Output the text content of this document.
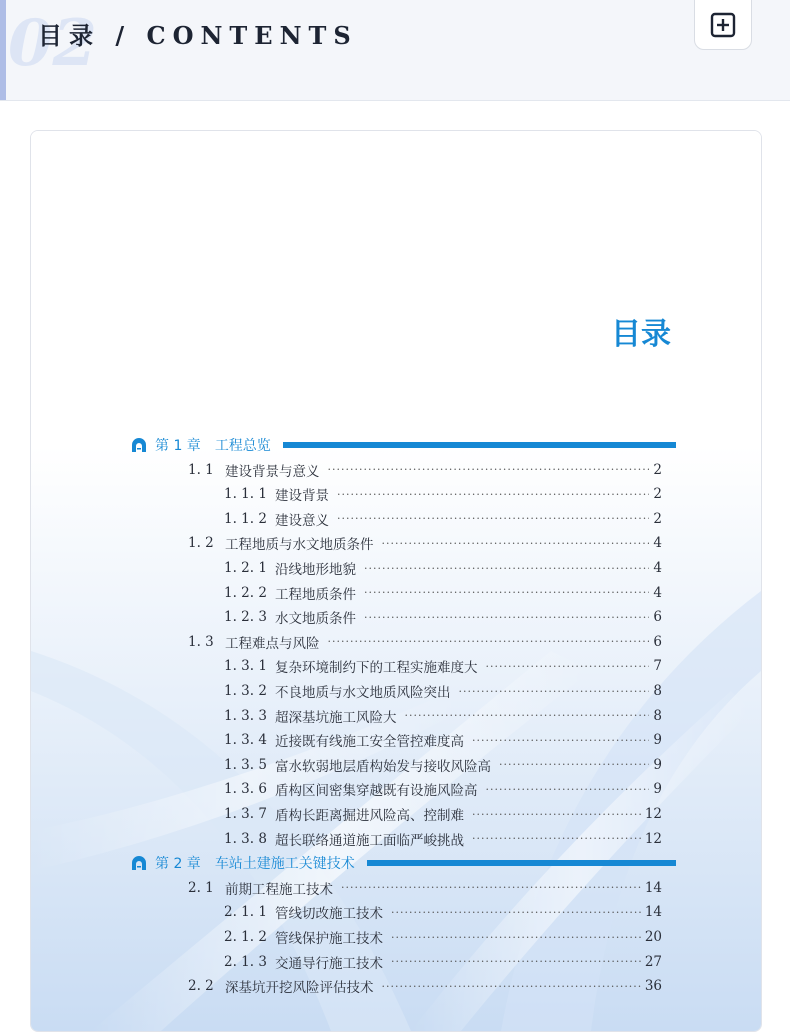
02
目录 / CONTENTS
目录
第 1 章 工程总览
1. 1 建设背景与意义 ·····	2
1. 1. 1 建设背景 ·····	2
1. 1. 2 建设意义 ·····	2
1. 2 工程地质与水文地质条件 ·····	4
1. 2. 1 沿线地形地貌 ·····	4
1. 2. 2 工程地质条件 ·····	4
1. 2. 3 水文地质条件 ·····	6
1. 3 工程难点与风险 ·····	6
1. 3. 1 复杂环境制约下的工程实施难度大 ·····	7
1. 3. 2 不良地质与水文地质风险突出 ·····	8
1. 3. 3 超深基坑施工风险大 ·····	8
1. 3. 4 近接既有线施工安全管控难度高 ·····	9
1. 3. 5 富水软弱地层盾构始发与接收风险高 ·····	9
1. 3. 6 盾构区间密集穿越既有设施风险高 ·····	9
1. 3. 7 盾构长距离掘进风险高、控制难 ·····	12
1. 3. 8 超长联络通道施工面临严峻挑战 ·····	12
第 2 章 车站土建施工关键技术
2. 1 前期工程施工技术 ·····	14
2. 1. 1 管线切改施工技术 ·····	14
2. 1. 2 管线保护施工技术 ·····	20
2. 1. 3 交通导行施工技术 ·····	27
2. 2 深基坑开挖风险评估技术 ·····	36
